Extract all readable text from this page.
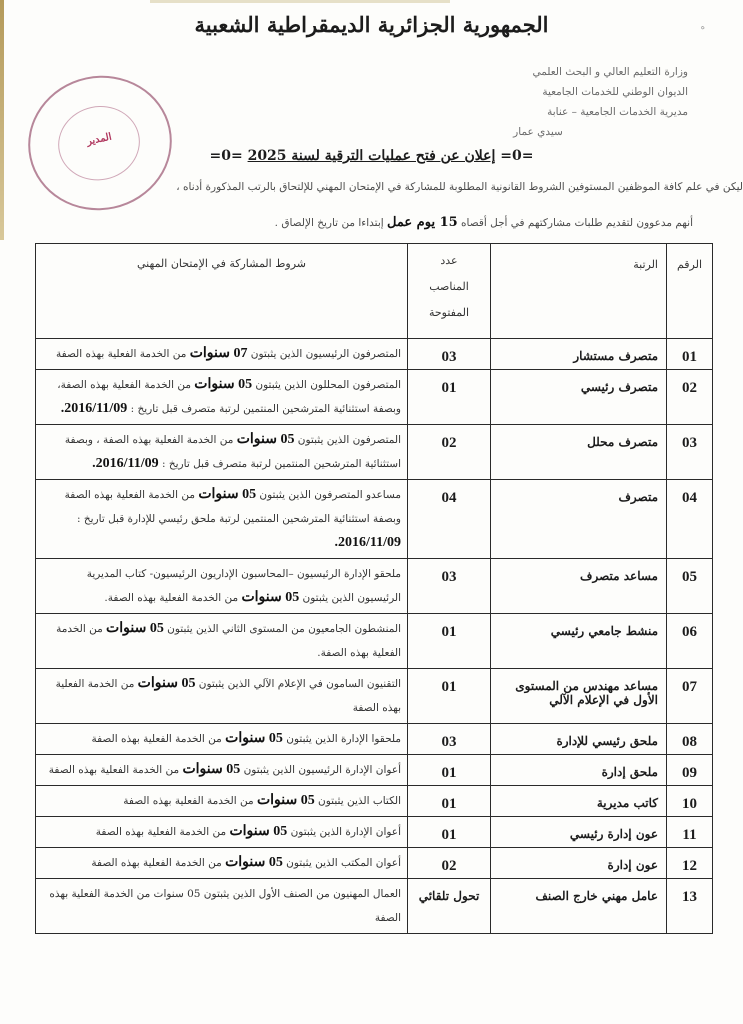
الجمهورية الجزائرية الديمقراطية الشعبية	ه
وزارة التعليم العالي و البحث العلمي
الديوان الوطني للخدمات الجامعية
مديرية الخدمات الجامعية – عنابة
سيدي عمار
المدير
=0= إعلان عن فتح عمليات الترقية لسنة 2025 =0=
ليكن في علم كافة الموظفين المستوفين الشروط القانونية المطلوبة للمشاركة في الإمتحان المهني للإلتحاق بالرتب المذكورة أدناه ،
أنهم مدعوون لتقديم طلبات مشاركتهم في أجل أقصاه 15 يوم عمل إبتداءا من تاريخ الإلصاق .
الرقم	الرتبة	عدد
المناصب
المفتوحة	شروط المشاركة في الإمتحان المهني
01	متصرف مستشار	03	المتصرفون الرئيسيون الذين يثبتون 07 سنوات من الخدمة الفعلية بهذه الصفة
02	متصرف رئيسي	01	المتصرفون المحللون الذين يثبتون 05 سنوات من الخدمة الفعلية بهذه الصفة، وبصفة استثنائية المترشحين المنتمين لرتبة متصرف قبل تاريخ : 2016/11/09.
03	متصرف محلل	02	المتصرفون الذين يثبتون 05 سنوات من الخدمة الفعلية بهذه الصفة ، وبصفة استثنائية المترشحين المنتمين لرتبة متصرف قبل تاريخ : 2016/11/09.
04	متصرف	04	مساعدو المتصرفون الذين يثبتون 05 سنوات من الخدمة الفعلية بهذه الصفة وبصفة استثنائية المترشحين المنتمين لرتبة ملحق رئيسي للإدارة قبل تاريخ : 2016/11/09.
05	مساعد متصرف	03	ملحقو الإدارة الرئيسيون –المحاسبون الإداريون الرئيسيون- كتاب المديرية الرئيسيون الذين يثبتون 05 سنوات من الخدمة الفعلية بهذه الصفة.
06	منشط جامعي رئيسي	01	المنشطون الجامعيون من المستوى الثاني الذين يثبتون 05 سنوات من الخدمة الفعلية بهذه الصفة.
07	مساعد مهندس من المستوى الأول في الإعلام الآلي	01	التقنيون السامون في الإعلام الآلي الذين يثبتون 05 سنوات من الخدمة الفعلية بهذه الصفة
08	ملحق رئيسي للإدارة	03	ملحقوا الإدارة الذين يثبتون 05 سنوات من الخدمة الفعلية بهذه الصفة
09	ملحق إدارة	01	أعوان الإدارة الرئيسيون الذين يثبتون 05 سنوات من الخدمة الفعلية بهذه الصفة
10	كاتب مديرية	01	الكتاب الذين يثبتون 05 سنوات من الخدمة الفعلية بهذه الصفة
11	عون إدارة رئيسي	01	أعوان الإدارة الذين يثبتون 05 سنوات من الخدمة الفعلية بهذه الصفة
12	عون إدارة	02	أعوان المكتب الذين يثبتون 05 سنوات من الخدمة الفعلية بهذه الصفة
13	عامل مهني خارج الصنف	تحول تلقائي	العمال المهنيون من الصنف الأول الذين يثبتون 05 سنوات من الخدمة الفعلية بهذه الصفة
